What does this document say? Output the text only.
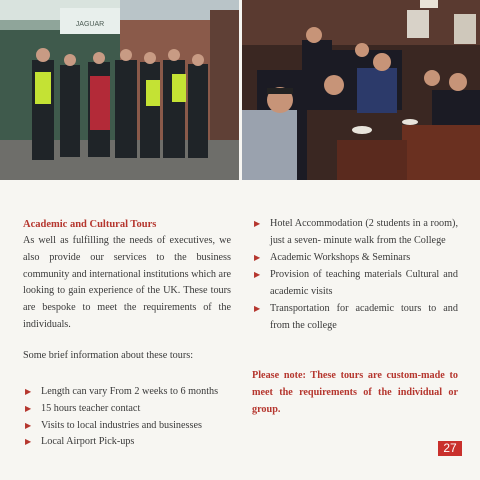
JAGUAR
Academic and Cultural Tours
As well as fulfilling the needs of executives, we also provide our services to the business community and international institutions which are looking to gain experience of the UK. These tours are bespoke to meet the requirements of the individuals.
Some brief information about these tours:
▶ Length can vary From 2 weeks to 6 months
▶ 15 hours teacher contact
▶ Visits to local industries and businesses
▶ Local Airport Pick-ups
▶ Hotel Accommodation (2 students in a room), just a seven- minute walk from the College
▶ Academic Workshops & Seminars
▶ Provision of teaching materials Cultural and academic visits
▶ Transportation for academic tours to and from the college
Please note: These tours are custom-made to meet the requirements of the individual or group.
27
